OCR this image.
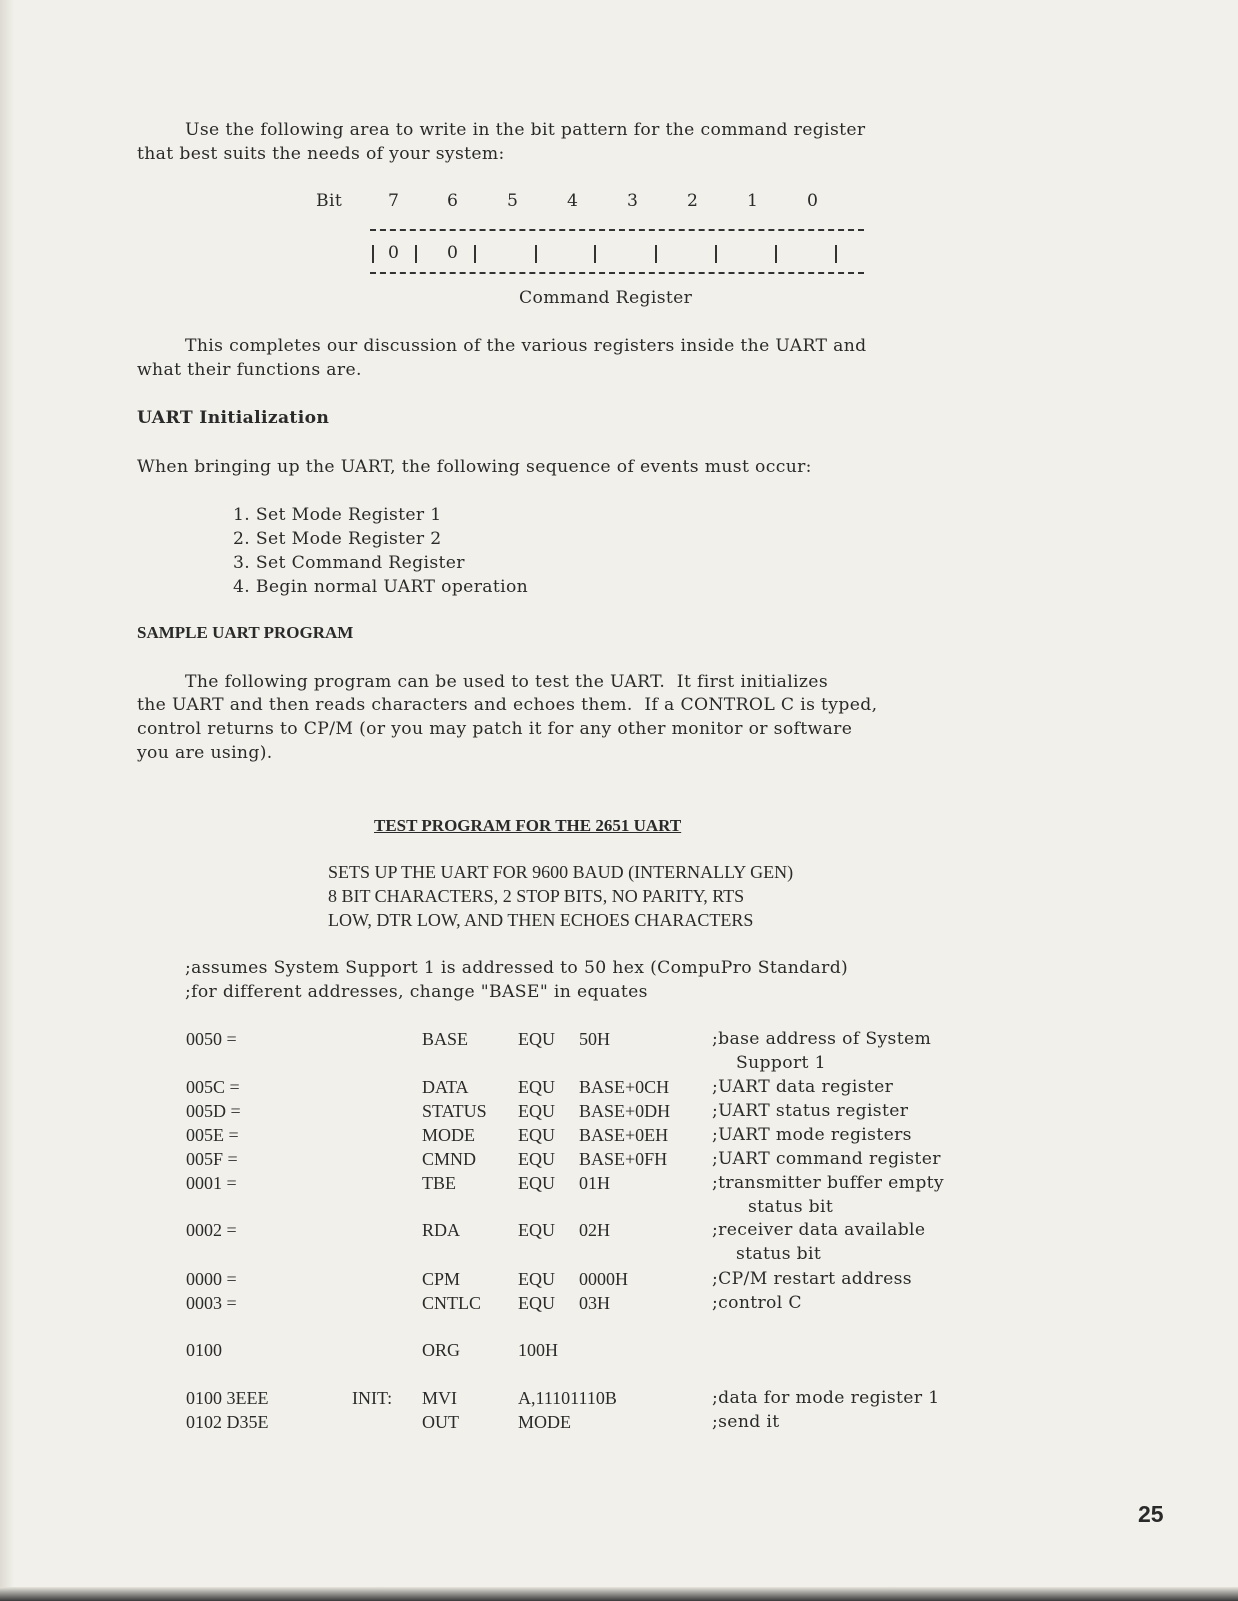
Use the following area to write in the bit pattern for the command register
that best suits the needs of your system:
Bit	7	6	5	4	3	2	1	0
0	0
Command Register
This completes our discussion of the various registers inside the UART and
what their functions are.
UART Initialization
When bringing up the UART, the following sequence of events must occur:
1. Set Mode Register 1
2. Set Mode Register 2
3. Set Command Register
4. Begin normal UART operation
SAMPLE UART PROGRAM
The following program can be used to test the UART.  It first initializes
the UART and then reads characters and echoes them.  If a CONTROL C is typed,
control returns to CP/M (or you may patch it for any other monitor or software
you are using).
TEST PROGRAM FOR THE 2651 UART
SETS UP THE UART FOR 9600 BAUD (INTERNALLY GEN)
8 BIT CHARACTERS, 2 STOP BITS, NO PARITY, RTS
LOW, DTR LOW, AND THEN ECHOES CHARACTERS
;assumes System Support 1 is addressed to 50 hex (CompuPro Standard)
;for different addresses, change "BASE" in equates
0050 =	BASE	EQU 50H	;base address of System
Support 1
005C =	DATA	EQU BASE+0CH ;UART data register
005D =	STATUS EQU BASE+0DH ;UART status register
005E =	MODE EQU BASE+0EH	;UART mode registers
005F =	CMND EQU BASE+0FH	;UART command register
0001 =	TBE	EQU 01H	;transmitter buffer empty
status bit
0002 =	RDA	EQU 02H	;receiver data available
status bit
0000 =	CPM	EQU 0000H	;CP/M restart address
0003 =	CNTLC EQU 03H	;control C
0100	ORG	100H
0100 3EEE	INIT: MVI	A,11101110B	;data for mode register 1
0102 D35E	OUT	MODE	;send it
25
